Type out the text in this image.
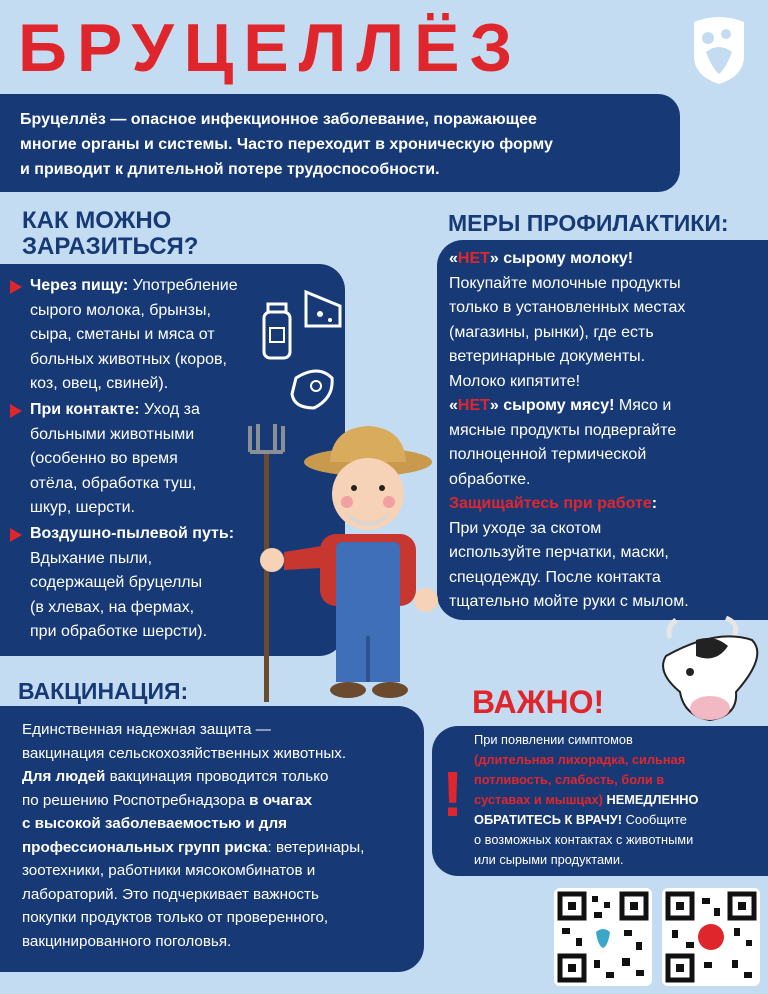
БРУЦЕЛЛЁЗ
Бруцеллёз — опасное инфекционное заболевание, поражающее
многие органы и системы. Часто переходит в хроническую форму
и приводит к длительной потере трудоспособности.
КАК МОЖНО
ЗАРАЗИТЬСЯ?
Через пищу: Употребление
сырого молока, брынзы,
сыра, сметаны и мяса от
больных животных (коров,
коз, овец, свиней).
При контакте: Уход за
больными животными
(особенно во время
отёла, обработка туш,
шкур, шерсти.
Воздушно-пылевой путь:
Вдыхание пыли,
содержащей бруцеллы
(в хлевах, на фермах,
при обработке шерсти).
МЕРЫ ПРОФИЛАКТИКИ:
«НЕТ» сырому молоку!
Покупайте молочные продукты
только в установленных местах
(магазины, рынки), где есть
ветеринарные документы.
Молоко кипятите!
«НЕТ» сырому мясу! Мясо и
мясные продукты подвергайте
полноценной термической
обработке.
Защищайтесь при работе:
При уходе за скотом
используйте перчатки, маски,
спецодежду. После контакта
тщательно мойте руки с мылом.
ВАКЦИНАЦИЯ:
Единственная надежная защита —
вакцинация сельскохозяйственных животных.
Для людей вакцинация проводится только
по решению Роспотребнадзора в очагах
с высокой заболеваемостью и для
профессиональных групп риска: ветеринары,
зоотехники, работники мясокомбинатов и
лабораторий. Это подчеркивает важность
покупки продуктов только от проверенного,
вакцинированного поголовья.
ВАЖНО!
При появлении симптомов
(длительная лихорадка, сильная
потливость, слабость, боли в
суставах и мышцах) НЕМЕДЛЕННО
ОБРАТИТЕСЬ К ВРАЧУ! Сообщите
о возможных контактах с животными
или сырыми продуктами.
!
